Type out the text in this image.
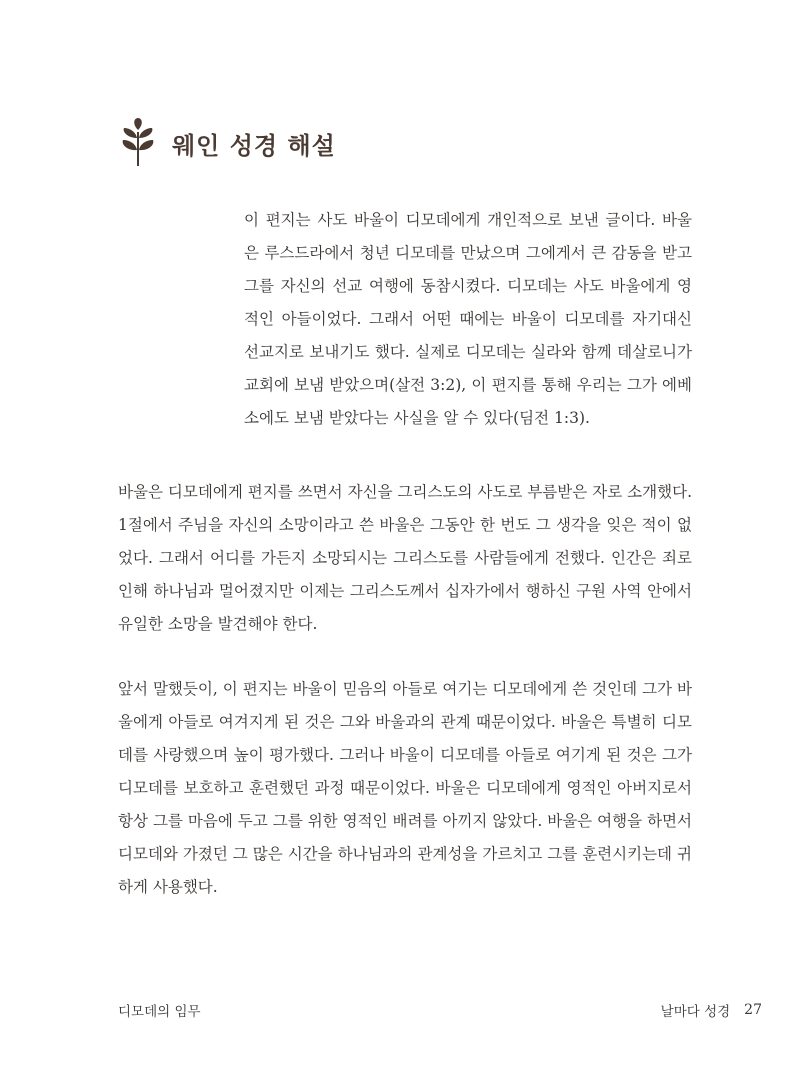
웨인 성경 해설

이 편지는 사도 바울이 디모데에게 개인적으로 보낸 글이다. 바울은 루스드라에서 청년 디모데를 만났으며 그에게서 큰 감동을 받고 그를 자신의 선교 여행에 동참시켰다. 디모데는 사도 바울에게 영적인 아들이었다. 그래서 어떤 때에는 바울이 디모데를 자기대신 선교지로 보내기도 했다. 실제로 디모데는 실라와 함께 데살로니가 교회에 보냄 받았으며(살전 3:2), 이 편지를 통해 우리는 그가 에베소에도 보냄 받았다는 사실을 알 수 있다(딤전 1:3).

바울은 디모데에게 편지를 쓰면서 자신을 그리스도의 사도로 부름받은 자로 소개했다. 1절에서 주님을 자신의 소망이라고 쓴 바울은 그동안 한 번도 그 생각을 잊은 적이 없었다. 그래서 어디를 가든지 소망되시는 그리스도를 사람들에게 전했다. 인간은 죄로 인해 하나님과 멀어졌지만 이제는 그리스도께서 십자가에서 행하신 구원 사역 안에서 유일한 소망을 발견해야 한다.

앞서 말했듯이, 이 편지는 바울이 믿음의 아들로 여기는 디모데에게 쓴 것인데 그가 바울에게 아들로 여겨지게 된 것은 그와 바울과의 관계 때문이었다. 바울은 특별히 디모데를 사랑했으며 높이 평가했다. 그러나 바울이 디모데를 아들로 여기게 된 것은 그가 디모데를 보호하고 훈련했던 과정 때문이었다. 바울은 디모데에게 영적인 아버지로서 항상 그를 마음에 두고 그를 위한 영적인 배려를 아끼지 않았다. 바울은 여행을 하면서 디모데와 가졌던 그 많은 시간을 하나님과의 관계성을 가르치고 그를 훈련시키는데 귀하게 사용했다.

디모데의 임무	날마다 성경 27
